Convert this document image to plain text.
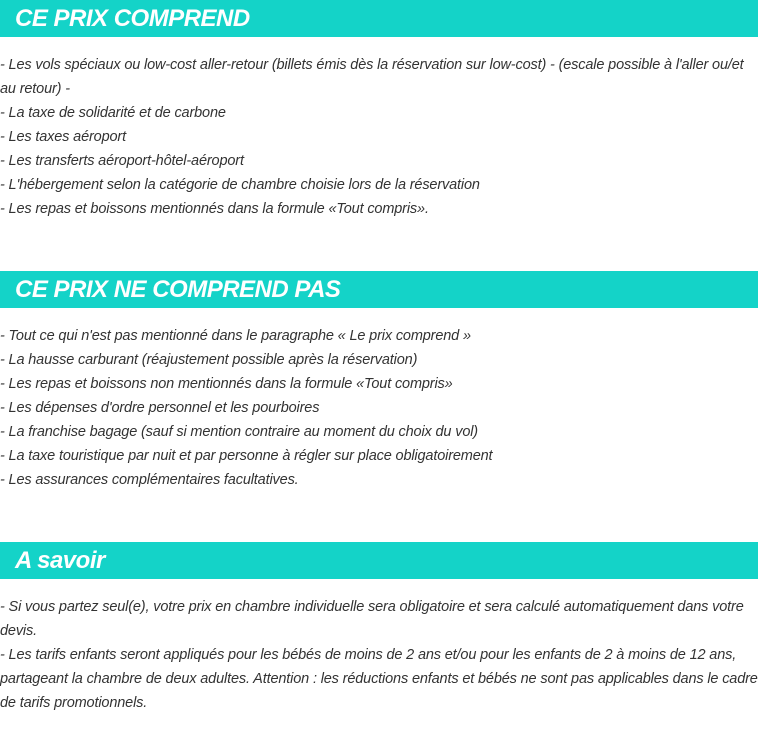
CE PRIX COMPREND
- Les vols spéciaux ou low-cost aller-retour (billets émis dès la réservation sur low-cost) - (escale possible à l'aller ou/et au retour) -
- La taxe de solidarité et de carbone
- Les taxes aéroport
- Les transferts aéroport-hôtel-aéroport
- L'hébergement selon la catégorie de chambre choisie lors de la réservation
- Les repas et boissons mentionnés dans la formule «Tout compris».
CE PRIX NE COMPREND PAS
- Tout ce qui n'est pas mentionné dans le paragraphe « Le prix comprend »
- La hausse carburant (réajustement possible après la réservation)
- Les repas et boissons non mentionnés dans la formule «Tout compris»
- Les dépenses d'ordre personnel et les pourboires
- La franchise bagage (sauf si mention contraire au moment du choix du vol)
- La taxe touristique par nuit et par personne à régler sur place obligatoirement
- Les assurances complémentaires facultatives.
A savoir
- Si vous partez seul(e), votre prix en chambre individuelle sera obligatoire et sera calculé automatiquement dans votre devis.
- Les tarifs enfants seront appliqués pour les bébés de moins de 2 ans et/ou pour les enfants de 2 à moins de 12 ans, partageant la chambre de deux adultes. Attention : les réductions enfants et bébés ne sont pas applicables dans le cadre de tarifs promotionnels.
